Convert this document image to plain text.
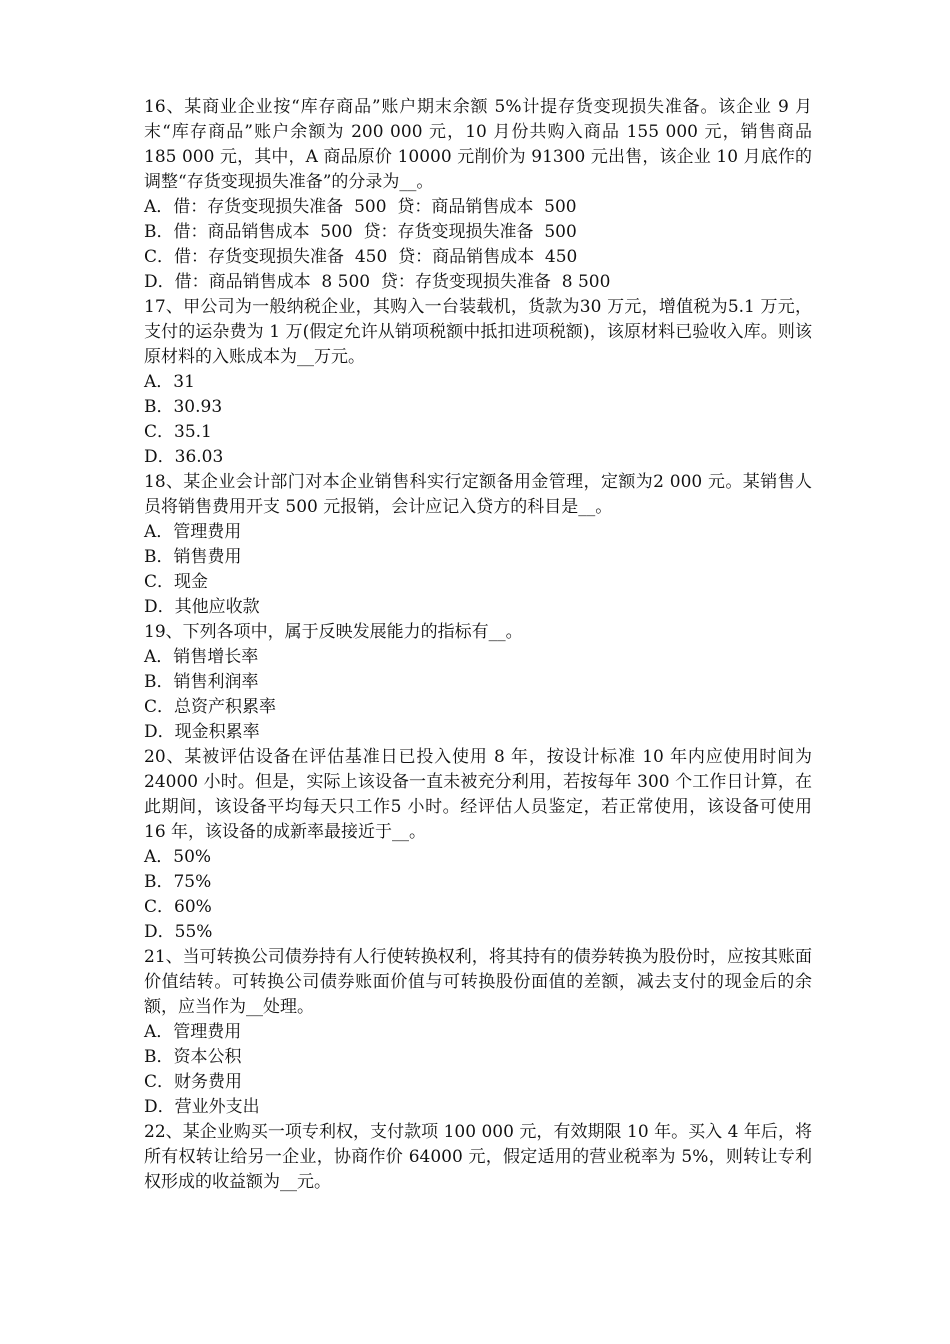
16、某商业企业按“库存商品”账户期末余额 5%计提存货变现损失准备。该企业 9 月末“库存商品”账户余额为 200 000 元，10 月份共购入商品 155 000 元，销售商品 185 000 元，其中，A 商品原价 10000 元削价为 91300 元出售，该企业 10 月底作的调整“存货变现损失准备”的分录为__。
A．借：存货变现损失准备  500  贷：商品销售成本  500
B．借：商品销售成本  500  贷：存货变现损失准备  500
C．借：存货变现损失准备  450  贷：商品销售成本  450
D．借：商品销售成本  8 500  贷：存货变现损失准备  8 500
17、甲公司为一般纳税企业，其购入一台装载机，货款为30 万元，增值税为5.1 万元，支付的运杂费为 1 万(假定允许从销项税额中抵扣进项税额)，该原材料已验收入库。则该原材料的入账成本为__万元。
A．31
B．30.93
C．35.1
D．36.03
18、某企业会计部门对本企业销售科实行定额备用金管理，定额为2 000 元。某销售人员将销售费用开支 500 元报销，会计应记入贷方的科目是__。
A．管理费用
B．销售费用
C．现金
D．其他应收款
19、下列各项中，属于反映发展能力的指标有__。
A．销售增长率
B．销售利润率
C．总资产积累率
D．现金积累率
20、某被评估设备在评估基准日已投入使用 8 年，按设计标准 10 年内应使用时间为 24000 小时。但是，实际上该设备一直未被充分利用，若按每年 300 个工作日计算，在此期间，该设备平均每天只工作5 小时。经评估人员鉴定，若正常使用，该设备可使用 16 年，该设备的成新率最接近于__。
A．50%
B．75%
C．60%
D．55%
21、当可转换公司债券持有人行使转换权利，将其持有的债券转换为股份时，应按其账面价值结转。可转换公司债券账面价值与可转换股份面值的差额，减去支付的现金后的余额，应当作为__处理。
A．管理费用
B．资本公积
C．财务费用
D．营业外支出
22、某企业购买一项专利权，支付款项 100 000 元，有效期限 10 年。买入 4 年后，将所有权转让给另一企业，协商作价 64000 元，假定适用的营业税率为 5%，则转让专利权形成的收益额为__元。
